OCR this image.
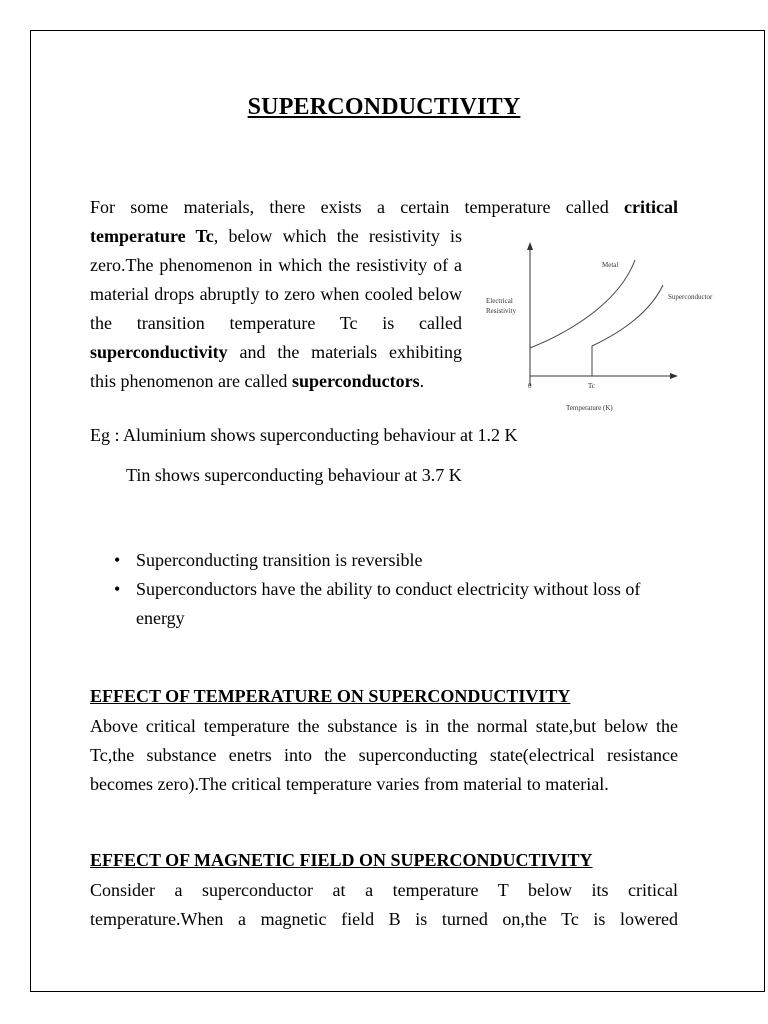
SUPERCONDUCTIVITY

For some materials, there exists a certain temperature called critical

temperature Tc, below which the resistivity is zero.The phenomenon in which the resistivity of a material drops abruptly to zero when cooled below the transition temperature Tc is called superconductivity and the materials exhibiting this phenomenon are called superconductors.

Metal
Superconductor
Electrical
Resistivity
0	Tc
Temperature (K)

Eg : Aluminium shows superconducting behaviour at 1.2 K

Tin shows superconducting behaviour at 3.7 K

• Superconducting transition is reversible
• Superconductors have the ability to conduct electricity without loss of energy
EFFECT OF TEMPERATURE ON SUPERCONDUCTIVITY

Above critical temperature the substance is in the normal state,but below the Tc,the substance enetrs into the superconducting state(electrical resistance becomes zero).The critical temperature varies from material to material.

EFFECT OF MAGNETIC FIELD ON SUPERCONDUCTIVITY

Consider a superconductor at a temperature T below its critical
temperature.When a magnetic field B is turned on,the Tc is lowered
